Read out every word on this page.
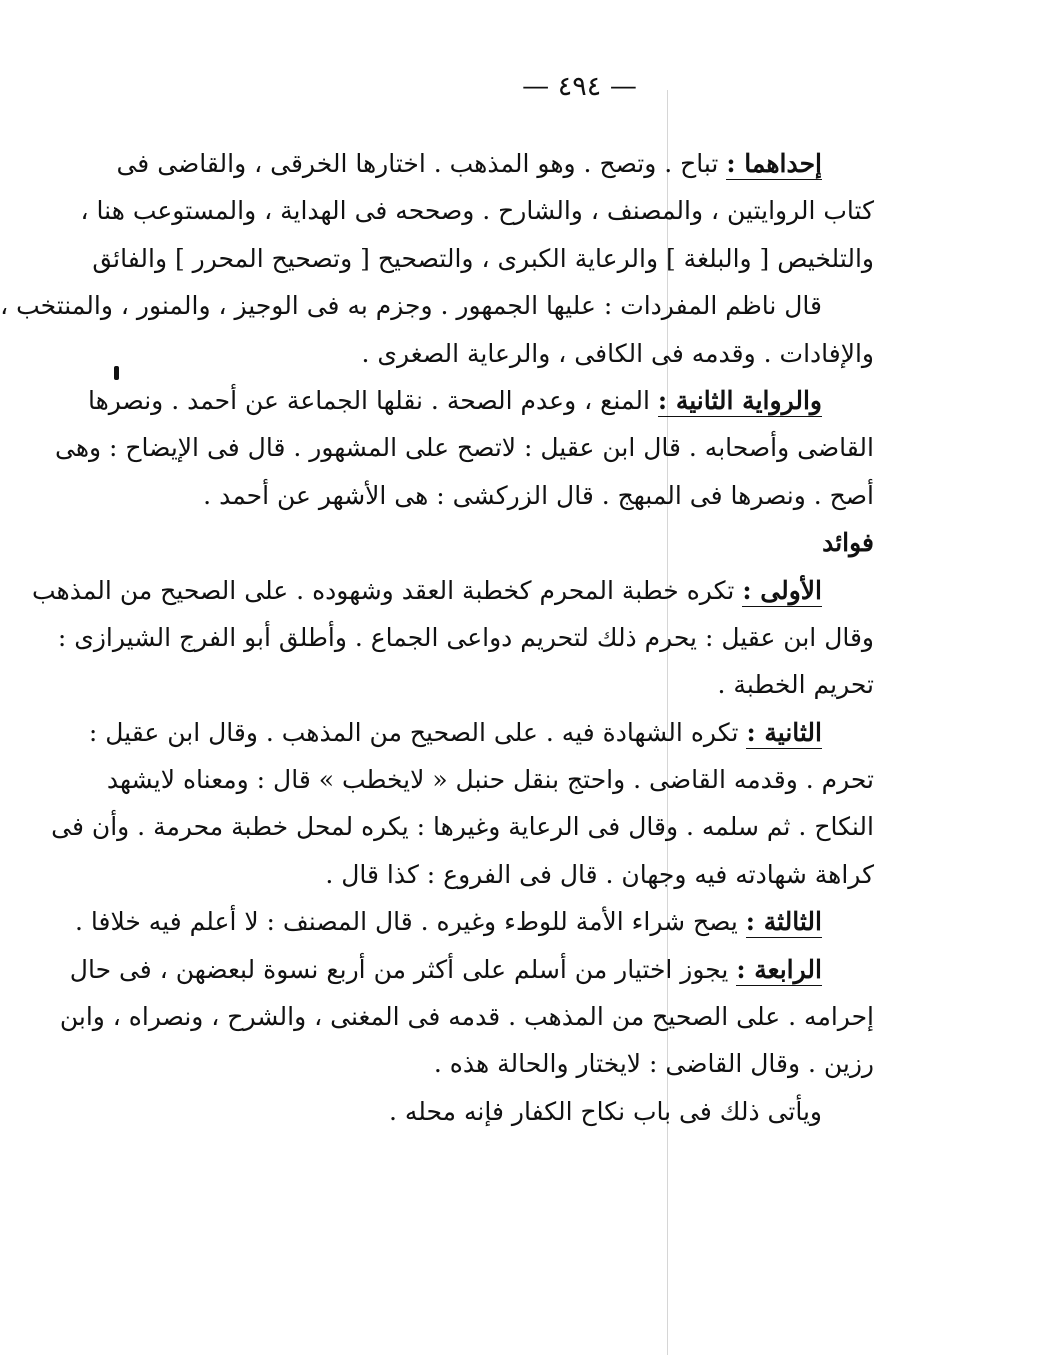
— ٤٩٤ —
إحداهما : تباح . وتصح . وهو المذهب . اختارها الخرقى ، والقاضى فى
كتاب الروايتين ، والمصنف ، والشارح . وصححه فى الهداية ، والمستوعب هنا ،
والتلخيص [ والبلغة ] والرعاية الكبرى ، والتصحيح [ وتصحيح المحرر ] والفائق
قال ناظم المفردات : عليها الجمهور . وجزم به فى الوجيز ، والمنور ، والمنتخب ،
والإفادات . وقدمه فى الكافى ، والرعاية الصغرى .
والرواية الثانية : المنع ، وعدم الصحة . نقلها الجماعة عن أحمد . ونصرها
القاضى وأصحابه . قال ابن عقيل : لاتصح على المشهور . قال فى الإيضاح : وهى
أصح . ونصرها فى المبهج . قال الزركشى : هى الأشهر عن أحمد .
فوائد
الأولى : تكره خطبة المحرم كخطبة العقد وشهوده . على الصحيح من المذهب
وقال ابن عقيل : يحرم ذلك لتحريم دواعى الجماع . وأطلق أبو الفرج الشيرازى :
تحريم الخطبة .
الثانية : تكره الشهادة فيه . على الصحيح من المذهب . وقال ابن عقيل :
تحرم . وقدمه القاضى . واحتج بنقل حنبل « لايخطب » قال : ومعناه لايشهد
النكاح . ثم سلمه . وقال فى الرعاية وغيرها : يكره لمحل خطبة محرمة . وأن فى
كراهة شهادته فيه وجهان . قال فى الفروع : كذا قال .
الثالثة : يصح شراء الأمة للوطء وغيره . قال المصنف : لا أعلم فيه خلافا .
الرابعة : يجوز اختيار من أسلم على أكثر من أربع نسوة لبعضهن ، فى حال
إحرامه . على الصحيح من المذهب . قدمه فى المغنى ، والشرح ، ونصراه ، وابن
رزين . وقال القاضى : لايختار والحالة هذه .
ويأتى ذلك فى باب نكاح الكفار فإنه محله .
